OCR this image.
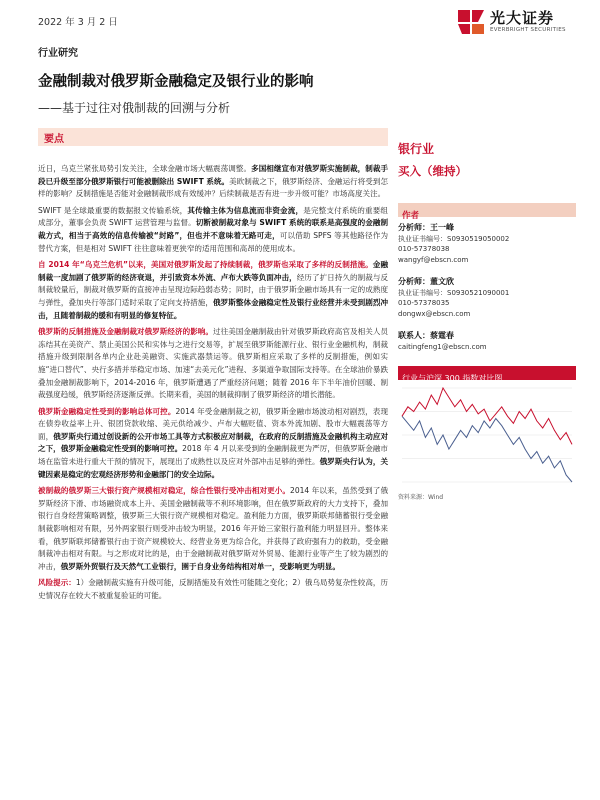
2022 年 3 月 2 日	光大证券
EVERBRIGHT SECURITIES
行业研究
金融制裁对俄罗斯金融稳定及银行业的影响
——基于过往对俄制裁的回溯与分析
要点

近日，乌克兰紧张局势引发关注，全球金融市场大幅震荡调整。多国相继宣布对俄罗斯实施制裁，制裁手段已升级至部分俄罗斯银行可能被删除出 SWIFT 系统。美欧制裁之下，俄罗斯经济、金融运行将受到怎样的影响？反制措施是否能对金融制裁形成有效缓冲？后续制裁是否有进一步升级可能？市场高度关注。

SWIFT 是全球最重要的数据报文传输系统，其传输主体为信息流而非资金流，是完整支付系统的重要组成部分，董事会负责 SWIFT 运营管理与监督。切断被制裁对象与 SWIFT 系统的联系是高强度的金融制裁方式，相当于高效的信息传输被“封路”，但也并不意味着无路可走，可以借助 SPFS 等其他路径作为替代方案，但是相对 SWIFT 往往意味着更狭窄的适用范围和高昂的使用成本。

自 2014 年“乌克兰危机”以来，美国对俄罗斯发起了持续制裁，俄罗斯也采取了多样的反制措施。金融制裁一度加剧了俄罗斯的经济衰退，并引致资本外流、卢布大跌等负面冲击，经历了扩日持久的制裁与反制裁较量后，制裁对俄罗斯的直接冲击呈现边际趋弱态势；同时，由于俄罗斯金融市场具有一定的成熟度与弹性，叠加央行等部门适时采取了定向支持措施，俄罗斯整体金融稳定性及银行业经营并未受到剧烈冲击，且随着制裁的缓和有明显的修复特征。

俄罗斯的反制措施及金融制裁对俄罗斯经济的影响。过往美国金融制裁由针对俄罗斯政府高官及相关人员冻结其在美资产、禁止美国公民和实体与之进行交易等，扩展至俄罗斯能源行业、银行业金融机构，制裁措施升级到限制各单内企业赴美融资、实施武器禁运等。俄罗斯相应采取了多样的反制措施，例如实施“进口替代”、央行多措并举稳定市场、加速“去美元化”进程、多渠道争取国际支持等。在全球油价暴跌叠加金融制裁影响下，2014-2016 年，俄罗斯遭遇了严重经济问题；随着 2016 年下半年油价回暖、制裁强度趋缓，俄罗斯经济逐渐反弹。长期来看，美国的制裁抑制了俄罗斯经济的增长潜能。

俄罗斯金融稳定性受到的影响总体可控。2014 年受金融制裁之初，俄罗斯金融市场波动相对剧烈，表现在债券收益率上升、银团贷款收缩、美元供给减少、卢布大幅贬值、资本外流加剧、股市大幅震荡等方面，俄罗斯央行通过创设新的公开市场工具等方式积极应对制裁，在政府的反制措施及金融机构主动应对之下，俄罗斯金融稳定性受到的影响可控。2018 年 4 月以来受到的金融制裁更为严厉，但俄罗斯金融市场在监管未进行重大干预的情况下，展现出了成熟性以及应对外部冲击足够的弹性。俄罗斯央行认为，关键因素是稳定的宏观经济形势和金融部门的安全边际。

被制裁的俄罗斯三大银行资产规模相对稳定，综合性银行受冲击相对更小。2014 年以来，虽然受到了俄罗斯经济下滑、市场融资成本上升、美国金融制裁等不利环境影响，但在俄罗斯政府的大力支持下，叠加银行自身经营策略调整，俄罗斯三大银行资产规模相对稳定。盈利能力方面，俄罗斯联邦储蓄银行受金融制裁影响相对有限，另外两家银行则受冲击较为明显，2016 年开始三家银行盈利能力明显回升。整体来看，俄罗斯联邦储蓄银行由于资产规模较大、经营业务更为综合化，并获得了政府强有力的救助，受金融制裁冲击相对有限。与之形成对比的是，由于金融制裁对俄罗斯对外贸易、能源行业等产生了较为剧烈的冲击，俄罗斯外贸银行及天然气工业银行，圉于自身业务结构相对单一，受影响更为明显。

风险提示：1）金融制裁实施有升级可能，反制措施及有效性可能随之变化；2）俄乌局势复杂性较高，历史情况存在较大不被重复验证的可能。

银行业
买入（维持）
作者
分析师：王一峰
执业证书编号：S0930519050002
010-57378038
wangyf@ebscn.com
分析师：董文欣
执业证书编号：S0930521090001
010-57378035
dongwx@ebscn.com
联系人：蔡霆春
caitingfeng1@ebscn.com
行业与沪深 300 指数对比图
资料来源：Wind
